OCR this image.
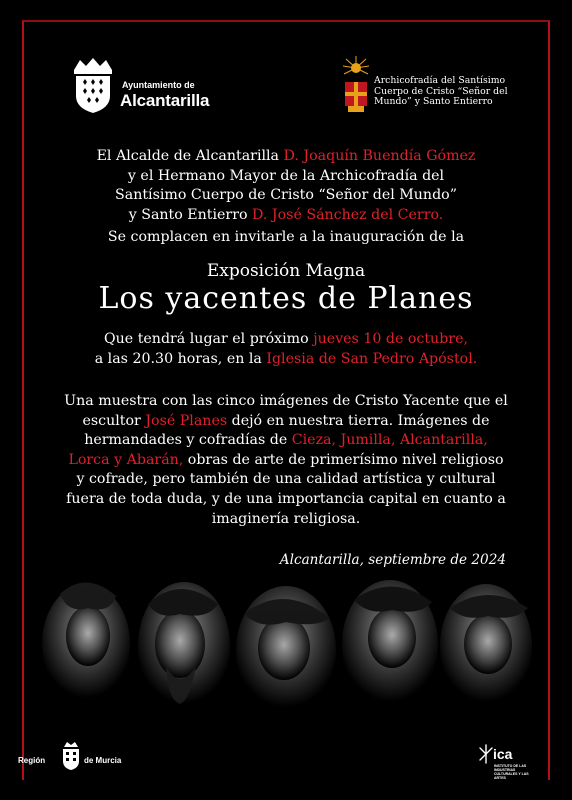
Ayuntamiento de
Alcantarilla
Archicofradía del Santísimo
Cuerpo de Cristo “Señor del
Mundo” y Santo Entierro
El Alcalde de Alcantarilla D. Joaquín Buendía Gómez
y el Hermano Mayor de la Archicofradía del
Santísimo Cuerpo de Cristo “Señor del Mundo”
y Santo Entierro D. José Sánchez del Cerro.
Se complacen en invitarle a la inauguración de la
Exposición Magna
Los yacentes de Planes
Que tendrá lugar el próximo jueves 10 de octubre,
a las 20.30 horas, en la Iglesia de San Pedro Apóstol.
Una muestra con las cinco imágenes de Cristo Yacente que el
escultor José Planes dejó en nuestra tierra. Imágenes de
hermandades y cofradías de Cieza, Jumilla, Alcantarilla,
Lorca y Abarán, obras de arte de primerísimo nivel religioso
y cofrade, pero también de una calidad artística y cultural
fuera de toda duda, y de una importancia capital en cuanto a
imaginería religiosa.
Alcantarilla, septiembre de 2024
Región	de Murcia	ica
INSTITUTO DE LAS INDUSTRIAS CULTURALES Y LAS ARTES
